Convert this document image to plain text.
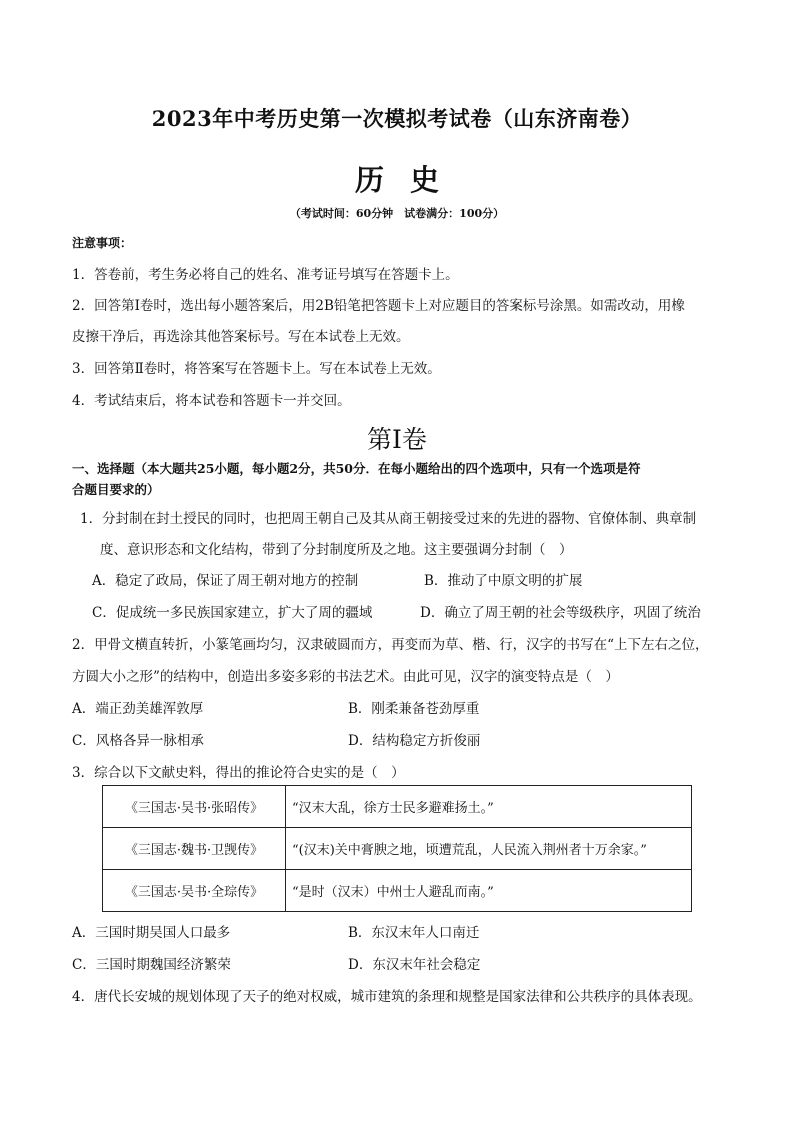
2023年中考历史第一次模拟考试卷（山东济南卷）
历史
（考试时间：60分钟　试卷满分：100分）
注意事项：
1．答卷前，考生务必将自己的姓名、准考证号填写在答题卡上。
2．回答第Ⅰ卷时，选出每小题答案后，用2B铅笔把答题卡上对应题目的答案标号涂黑。如需改动，用橡
皮擦干净后，再选涂其他答案标号。写在本试卷上无效。
3．回答第Ⅱ卷时，将答案写在答题卡上。写在本试卷上无效。
4．考试结束后，将本试卷和答题卡一并交回。
第Ⅰ卷
一、选择题（本大题共25小题，每小题2分，共50分．在每小题给出的四个选项中，只有一个选项是符
合题目要求的）
1．分封制在封土授民的同时，也把周王朝自己及其从商王朝接受过来的先进的器物、官僚体制、典章制
度、意识形态和文化结构，带到了分封制度所及之地。这主要强调分封制（　）
A．稳定了政局，保证了周王朝对地方的控制	B．推动了中原文明的扩展
C．促成统一多民族国家建立，扩大了周的疆域	D．确立了周王朝的社会等级秩序，巩固了统治
2．甲骨文横直转折，小篆笔画均匀，汉隶破圆而方，再变而为草、楷、行，汉字的书写在“上下左右之位，
方圆大小之形”的结构中，创造出多姿多彩的书法艺术。由此可见，汉字的演变特点是（　）
A．端正劲美雄浑敦厚	B．刚柔兼备苍劲厚重
C．风格各异一脉相承	D．结构稳定方折俊丽
3．综合以下文献史料，得出的推论符合史实的是（　）
《三国志·吴书·张昭传》	“汉末大乱，徐方士民多避难扬土。”
《三国志·魏书·卫觊传》	“(汉末)关中膏腴之地，顷遭荒乱，人民流入荆州者十万余家。”
《三国志·吴书·全琮传》	“是时（汉末）中州士人避乱而南。”
A．三国时期吴国人口最多	B．东汉末年人口南迁
C．三国时期魏国经济繁荣	D．东汉末年社会稳定
4．唐代长安城的规划体现了天子的绝对权威，城市建筑的条理和规整是国家法律和公共秩序的具体表现。
